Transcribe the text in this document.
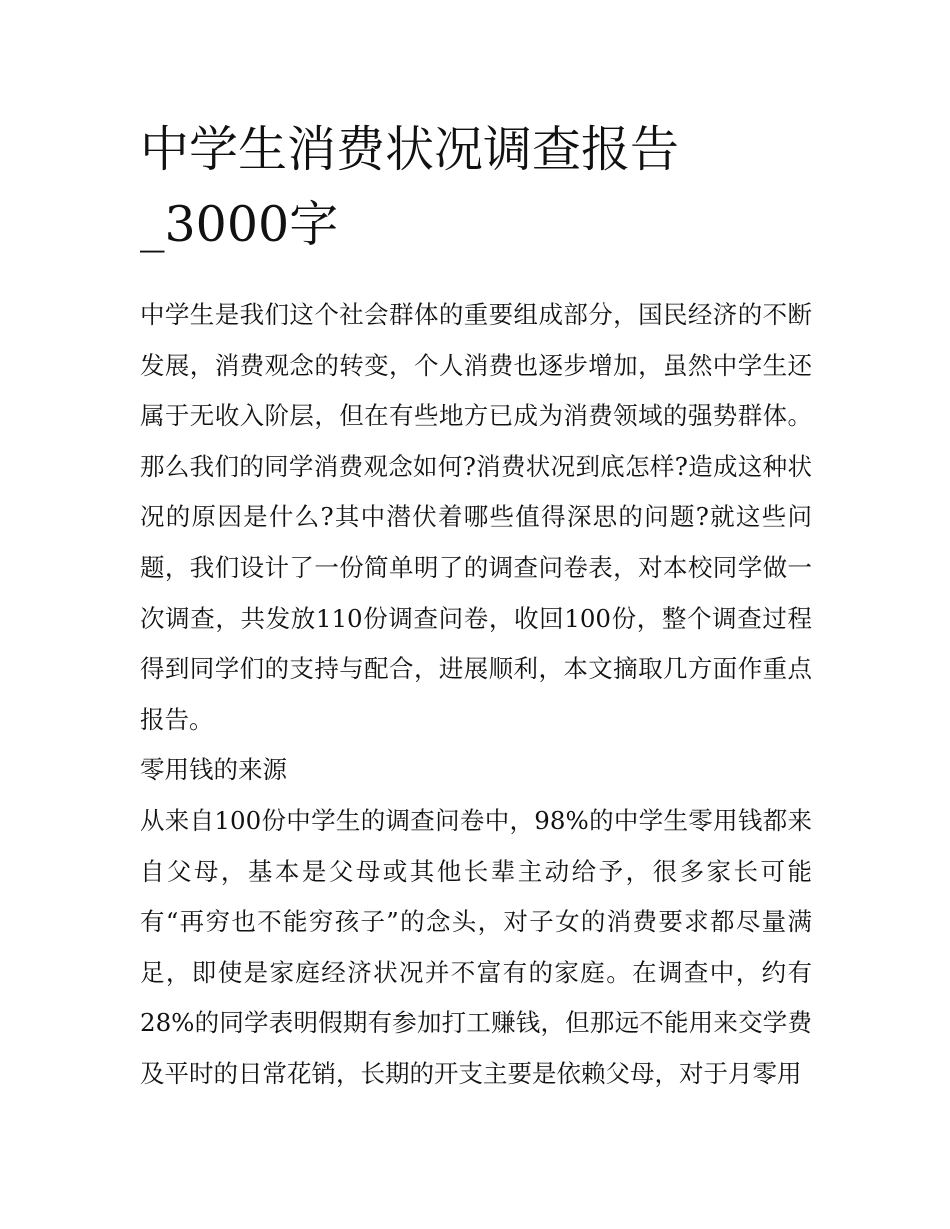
中学生消费状况调查报告_3000字

中学生是我们这个社会群体的重要组成部分，国民经济的不断发展，消费观念的转变，个人消费也逐步增加，虽然中学生还属于无收入阶层，但在有些地方已成为消费领域的强势群体。那么我们的同学消费观念如何?消费状况到底怎样?造成这种状况的原因是什么?其中潜伏着哪些值得深思的问题?就这些问题，我们设计了一份简单明了的调查问卷表，对本校同学做一次调查，共发放110份调查问卷，收回100份，整个调查过程得到同学们的支持与配合，进展顺利，本文摘取几方面作重点报告。

零用钱的来源

从来自100份中学生的调查问卷中，98%的中学生零用钱都来自父母，基本是父母或其他长辈主动给予，很多家长可能有“再穷也不能穷孩子”的念头，对子女的消费要求都尽量满足，即使是家庭经济状况并不富有的家庭。在调查中，约有28%的同学表明假期有参加打工赚钱，但那远不能用来交学费及平时的日常花销，长期的开支主要是依赖父母，对于月零用
